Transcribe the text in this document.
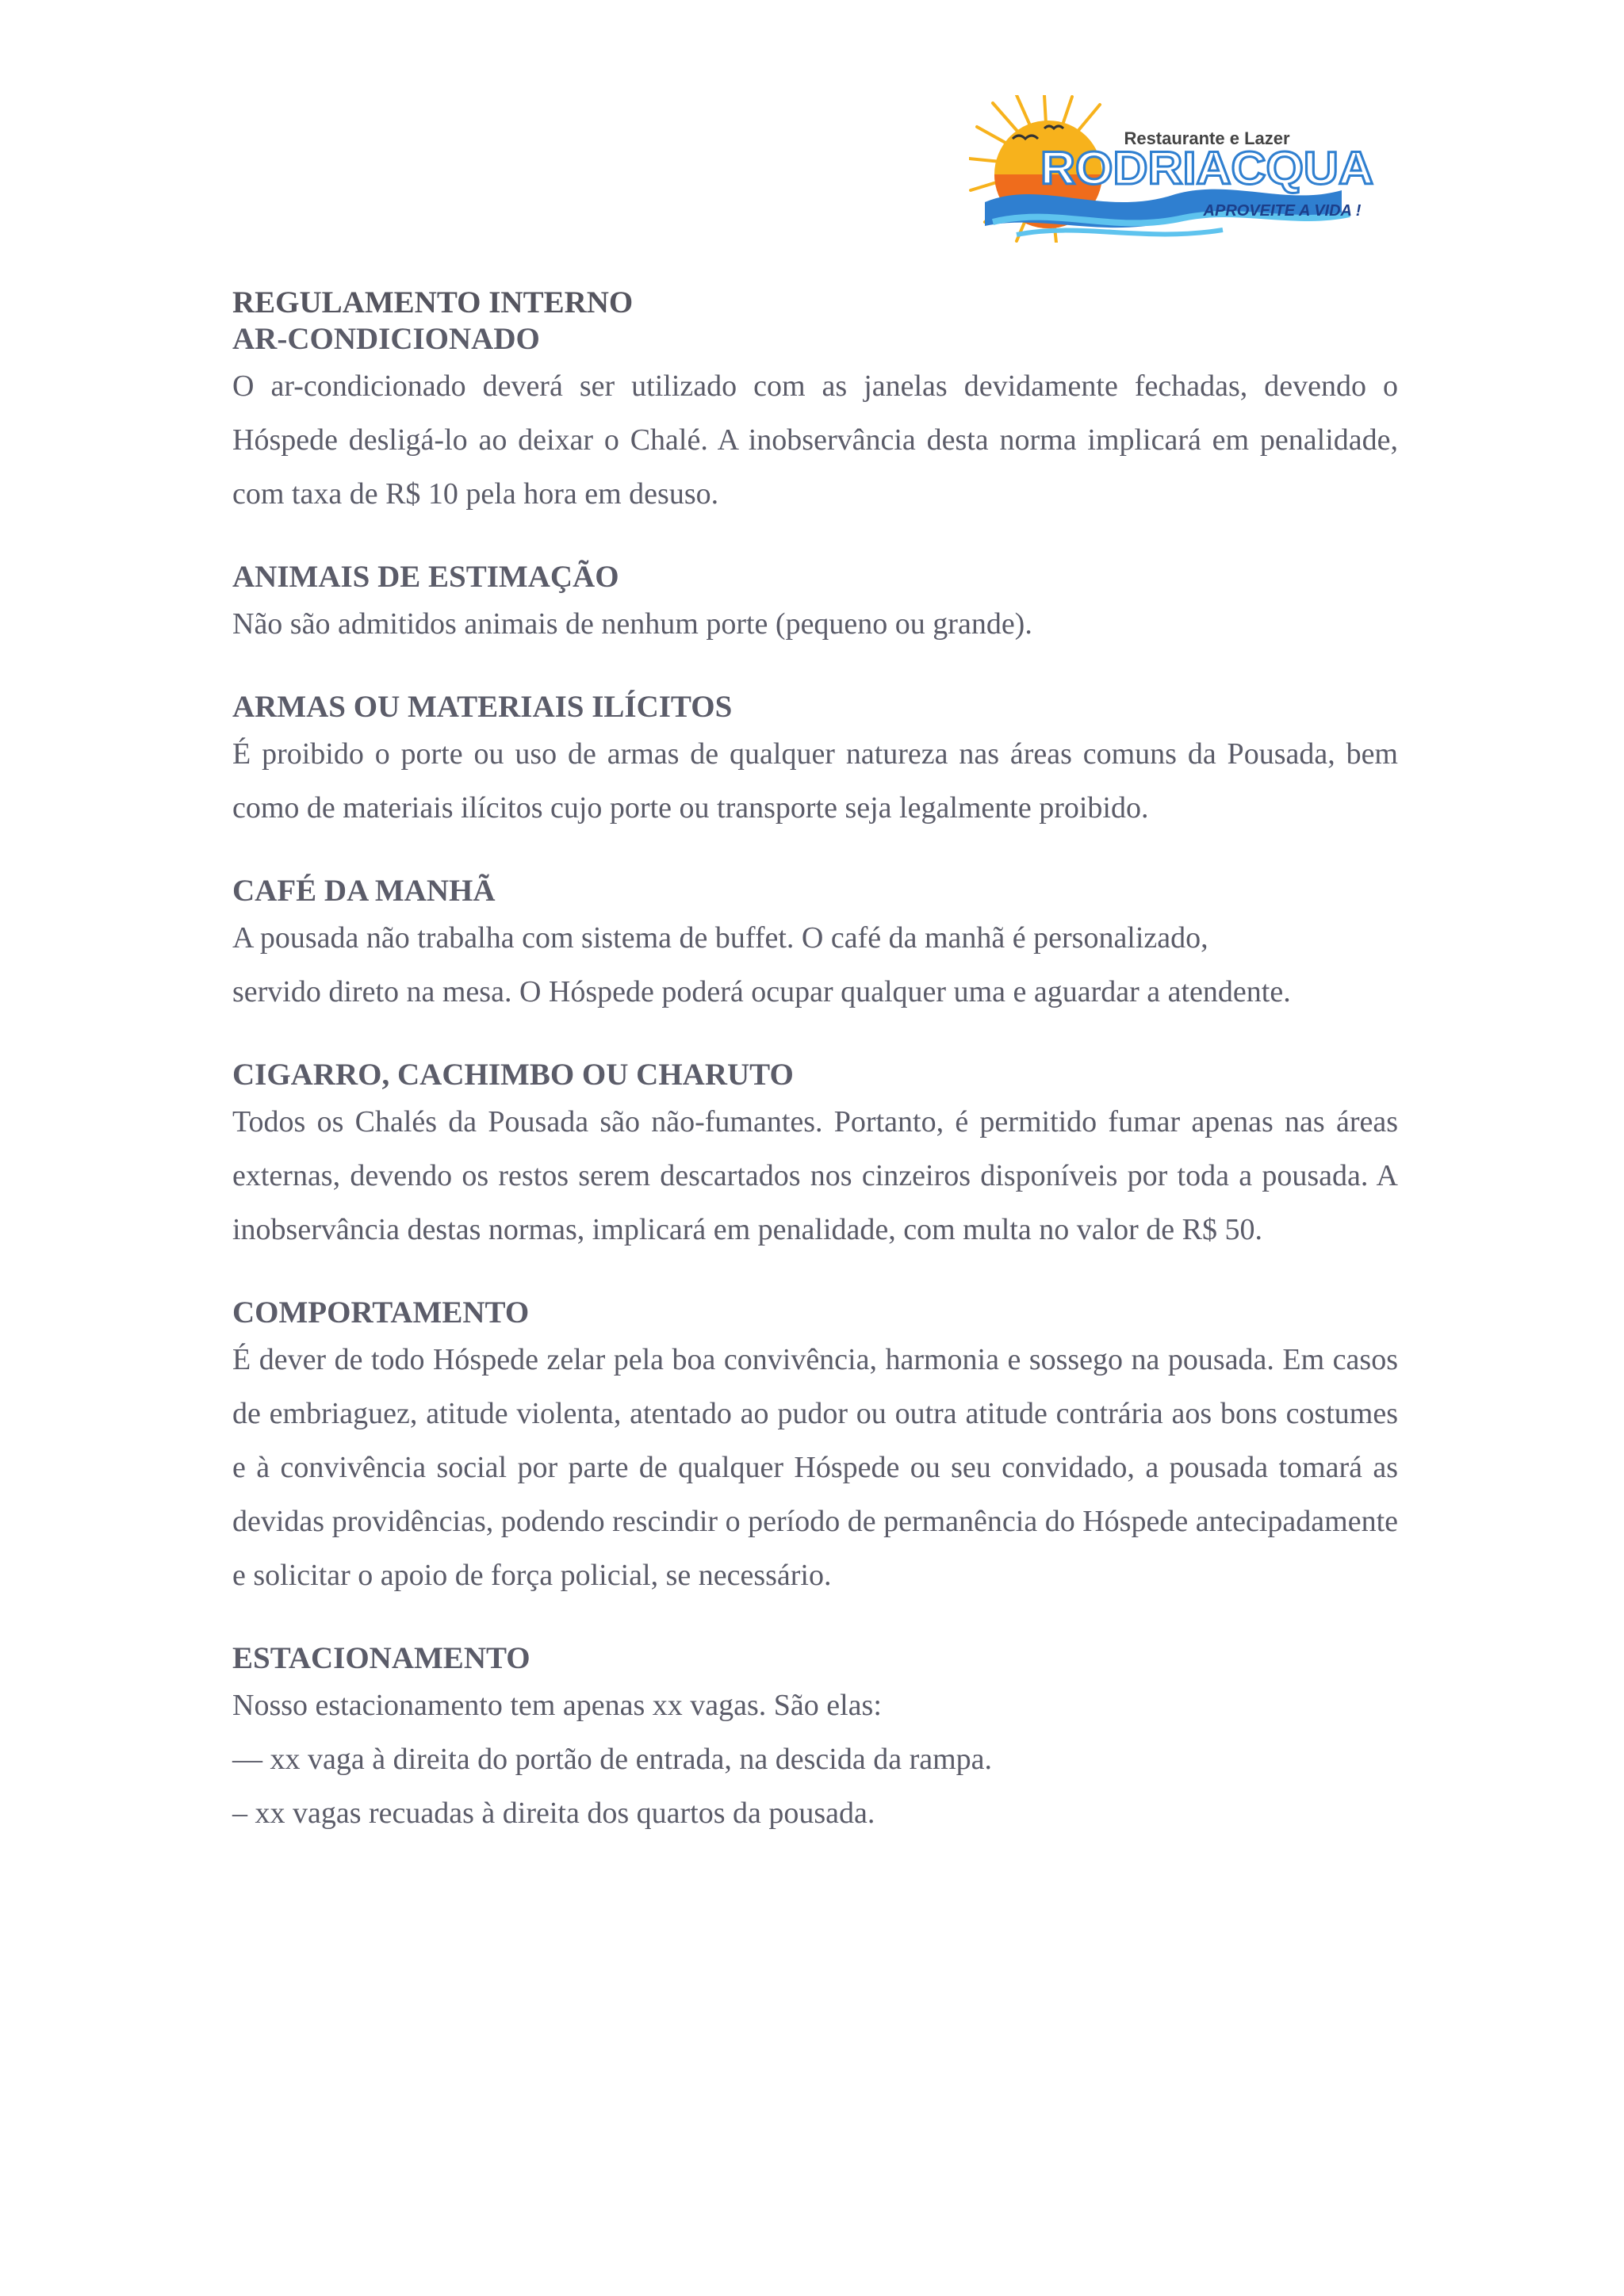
Restaurante e Lazer
RODRIACQUA
APROVEITE A VIDA !
REGULAMENTO INTERNO
AR-CONDICIONADO

O ar-condicionado deverá ser utilizado com as janelas devidamente fechadas, devendo o Hóspede desligá-lo ao deixar o Chalé. A inobservância desta norma implicará em penalidade, com taxa de R$ 10 pela hora em desuso.

ANIMAIS DE ESTIMAÇÃO

Não são admitidos animais de nenhum porte (pequeno ou grande).

ARMAS OU MATERIAIS ILÍCITOS

É proibido o porte ou uso de armas de qualquer natureza nas áreas comuns da Pousada, bem como de materiais ilícitos cujo porte ou transporte seja legalmente proibido.

CAFÉ DA MANHÃ

A pousada não trabalha com sistema de buffet. O café da manhã é personalizado,

servido direto na mesa. O Hóspede poderá ocupar qualquer uma e aguardar a atendente.

CIGARRO, CACHIMBO OU CHARUTO

Todos os Chalés da Pousada são não-fumantes. Portanto, é permitido fumar apenas nas áreas externas, devendo os restos serem descartados nos cinzeiros disponíveis por toda a pousada. A inobservância destas normas, implicará em penalidade, com multa no valor de R$ 50.

COMPORTAMENTO

É dever de todo Hóspede zelar pela boa convivência, harmonia e sossego na pousada. Em casos de embriaguez, atitude violenta, atentado ao pudor ou outra atitude contrária aos bons costumes e à convivência social por parte de qualquer Hóspede ou seu convidado, a pousada tomará as devidas providências, podendo rescindir o período de permanência do Hóspede antecipadamente e solicitar o apoio de força policial, se necessário.

ESTACIONAMENTO

Nosso estacionamento tem apenas xx vagas. São elas:

— xx vaga à direita do portão de entrada, na descida da rampa.

– xx vagas recuadas à direita dos quartos da pousada.
